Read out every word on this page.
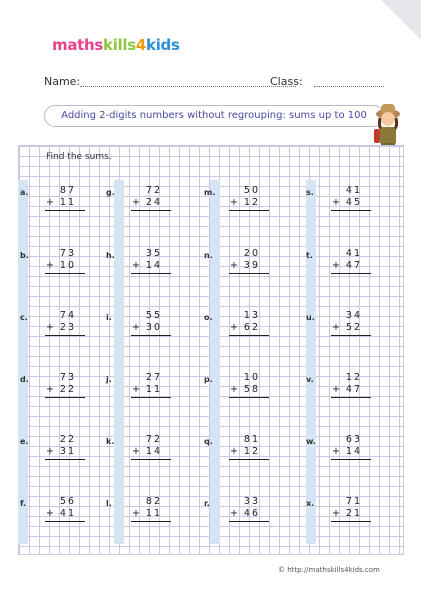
mathskills4kids
Name:	Class:
Adding 2-digits numbers without regrouping: sums up to 100
Find the sums.
a.	87
+ 11
b.	73
+ 10
c.	74
+ 23
d.	73
+ 22
e.	22
+ 31
f.	56
+ 41
g.	72
+ 24
h.	35
+ 14
i.	55
+ 30
j.	27
+ 11
k.	72
+ 14
l.	82
+ 11
m.	50
+ 12
n.	20
+ 39
o.	13
+ 62
p.	10
+ 58
q.	81
+ 12
r.	33
+ 46
s.	41
+ 45
t.	41
+ 47
u.	34
+ 52
v.	12
+ 47
w.	63
+ 14
x.	71
+ 21
© http://mathskills4kids.com
